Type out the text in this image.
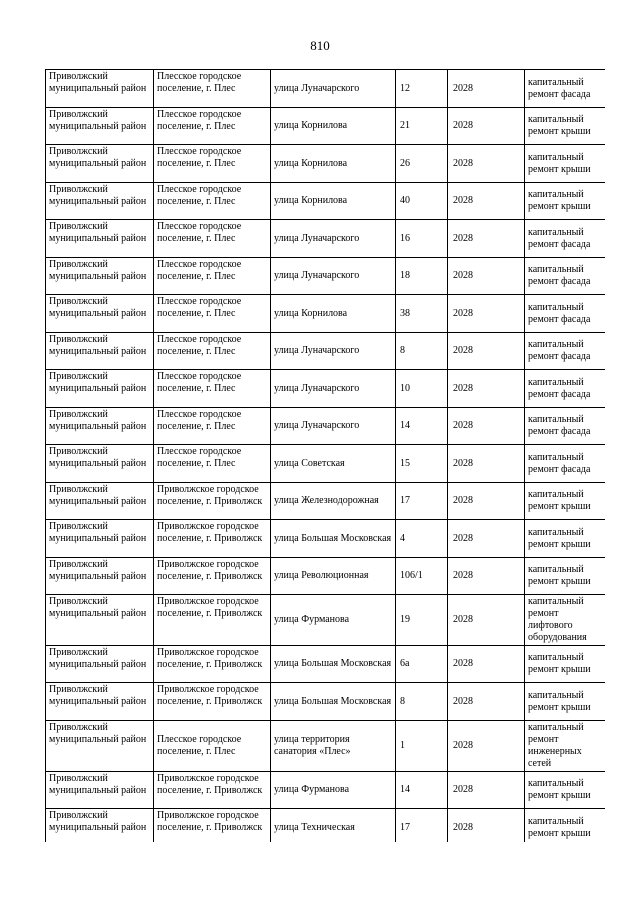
810
Приволжский муниципальный район	Плесское городское поселение, г. Плес	улица Луначарского	12	2028	капитальный ремонт фасада
Приволжский муниципальный район	Плесское городское поселение, г. Плес	улица Корнилова	21	2028	капитальный ремонт крыши
Приволжский муниципальный район	Плесское городское поселение, г. Плес	улица Корнилова	26	2028	капитальный ремонт крыши
Приволжский муниципальный район	Плесское городское поселение, г. Плес	улица Корнилова	40	2028	капитальный ремонт крыши
Приволжский муниципальный район	Плесское городское поселение, г. Плес	улица Луначарского	16	2028	капитальный ремонт фасада
Приволжский муниципальный район	Плесское городское поселение, г. Плес	улица Луначарского	18	2028	капитальный ремонт фасада
Приволжский муниципальный район	Плесское городское поселение, г. Плес	улица Корнилова	38	2028	капитальный ремонт фасада
Приволжский муниципальный район	Плесское городское поселение, г. Плес	улица Луначарского	8	2028	капитальный ремонт фасада
Приволжский муниципальный район	Плесское городское поселение, г. Плес	улица Луначарского	10	2028	капитальный ремонт фасада
Приволжский муниципальный район	Плесское городское поселение, г. Плес	улица Луначарского	14	2028	капитальный ремонт фасада
Приволжский муниципальный район	Плесское городское поселение, г. Плес	улица Советская	15	2028	капитальный ремонт фасада
Приволжский муниципальный район	Приволжское городское поселение, г. Приволжск	улица Железнодорожная	17	2028	капитальный ремонт крыши
Приволжский муниципальный район	Приволжское городское поселение, г. Приволжск	улица Большая Московская	4	2028	капитальный ремонт крыши
Приволжский муниципальный район	Приволжское городское поселение, г. Приволжск	улица Революционная	106/1	2028	капитальный ремонт крыши
Приволжский муниципальный район	Приволжское городское поселение, г. Приволжск	улица Фурманова	19	2028	капитальный ремонт лифтового оборудования
Приволжский муниципальный район	Приволжское городское поселение, г. Приволжск	улица Большая Московская	6а	2028	капитальный ремонт крыши
Приволжский муниципальный район	Приволжское городское поселение, г. Приволжск	улица Большая Московская	8	2028	капитальный ремонт крыши
Приволжский муниципальный район	Плесское городское поселение, г. Плес	улица территория санатория «Плес»	1	2028	капитальный ремонт инженерных сетей
Приволжский муниципальный район	Приволжское городское поселение, г. Приволжск	улица Фурманова	14	2028	капитальный ремонт крыши
Приволжский муниципальный район	Приволжское городское поселение, г. Приволжск	улица Техническая	17	2028	капитальный ремонт крыши
